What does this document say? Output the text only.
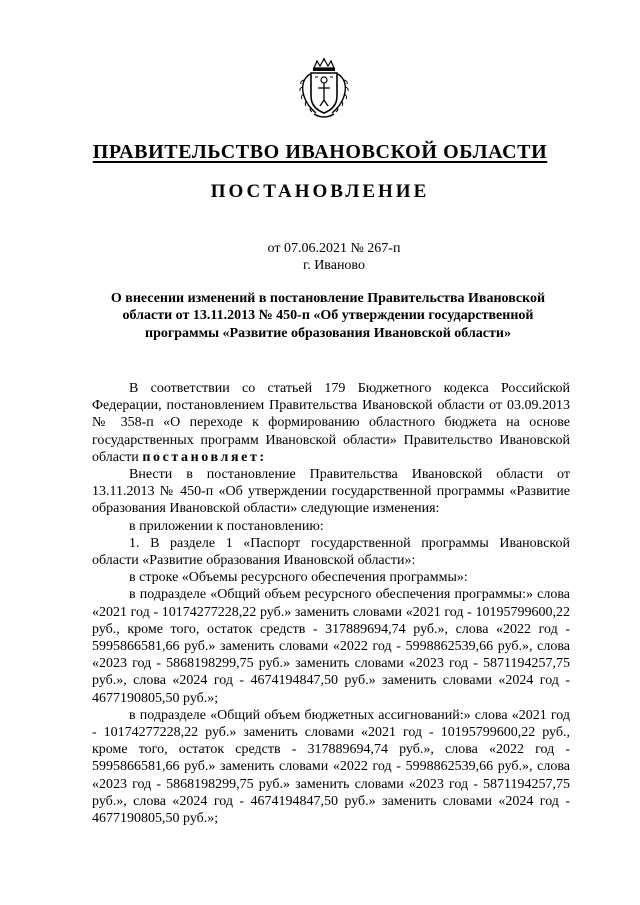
ПРАВИТЕЛЬСТВО ИВАНОВСКОЙ ОБЛАСТИ
ПОСТАНОВЛЕНИЕ
от 07.06.2021 № 267-п
г. Иваново
О внесении изменений в постановление Правительства Ивановской области от 13.11.2013 № 450-п «Об утверждении государственной программы «Развитие образования Ивановской области»

В соответствии со статьей 179 Бюджетного кодекса Российской Федерации, постановлением Правительства Ивановской области от 03.09.2013 № 358-п «О переходе к формированию областного бюджета на основе государственных программ Ивановской области» Правительство Ивановской области постановляет:

Внести в постановление Правительства Ивановской области от 13.11.2013 № 450-п «Об утверждении государственной программы «Развитие образования Ивановской области» следующие изменения:

в приложении к постановлению:

1. В разделе 1 «Паспорт государственной программы Ивановской области «Развитие образования Ивановской области»:

в строке «Объемы ресурсного обеспечения программы»:

в подразделе «Общий объем ресурсного обеспечения программы:» слова «2021 год - 10174277228,22 руб.» заменить словами «2021 год - 10195799600,22 руб., кроме того, остаток средств - 317889694,74 руб.», слова «2022 год - 5995866581,66 руб.» заменить словами «2022 год - 5998862539,66 руб.», слова «2023 год - 5868198299,75 руб.» заменить словами «2023 год - 5871194257,75 руб.», слова «2024 год - 4674194847,50 руб.» заменить словами «2024 год - 4677190805,50 руб.»;

в подразделе «Общий объем бюджетных ассигнований:» слова «2021 год - 10174277228,22 руб.» заменить словами «2021 год - 10195799600,22 руб., кроме того, остаток средств - 317889694,74 руб.», слова «2022 год - 5995866581,66 руб.» заменить словами «2022 год - 5998862539,66 руб.», слова «2023 год - 5868198299,75 руб.» заменить словами «2023 год - 5871194257,75 руб.», слова «2024 год - 4674194847,50 руб.» заменить словами «2024 год - 4677190805,50 руб.»;
